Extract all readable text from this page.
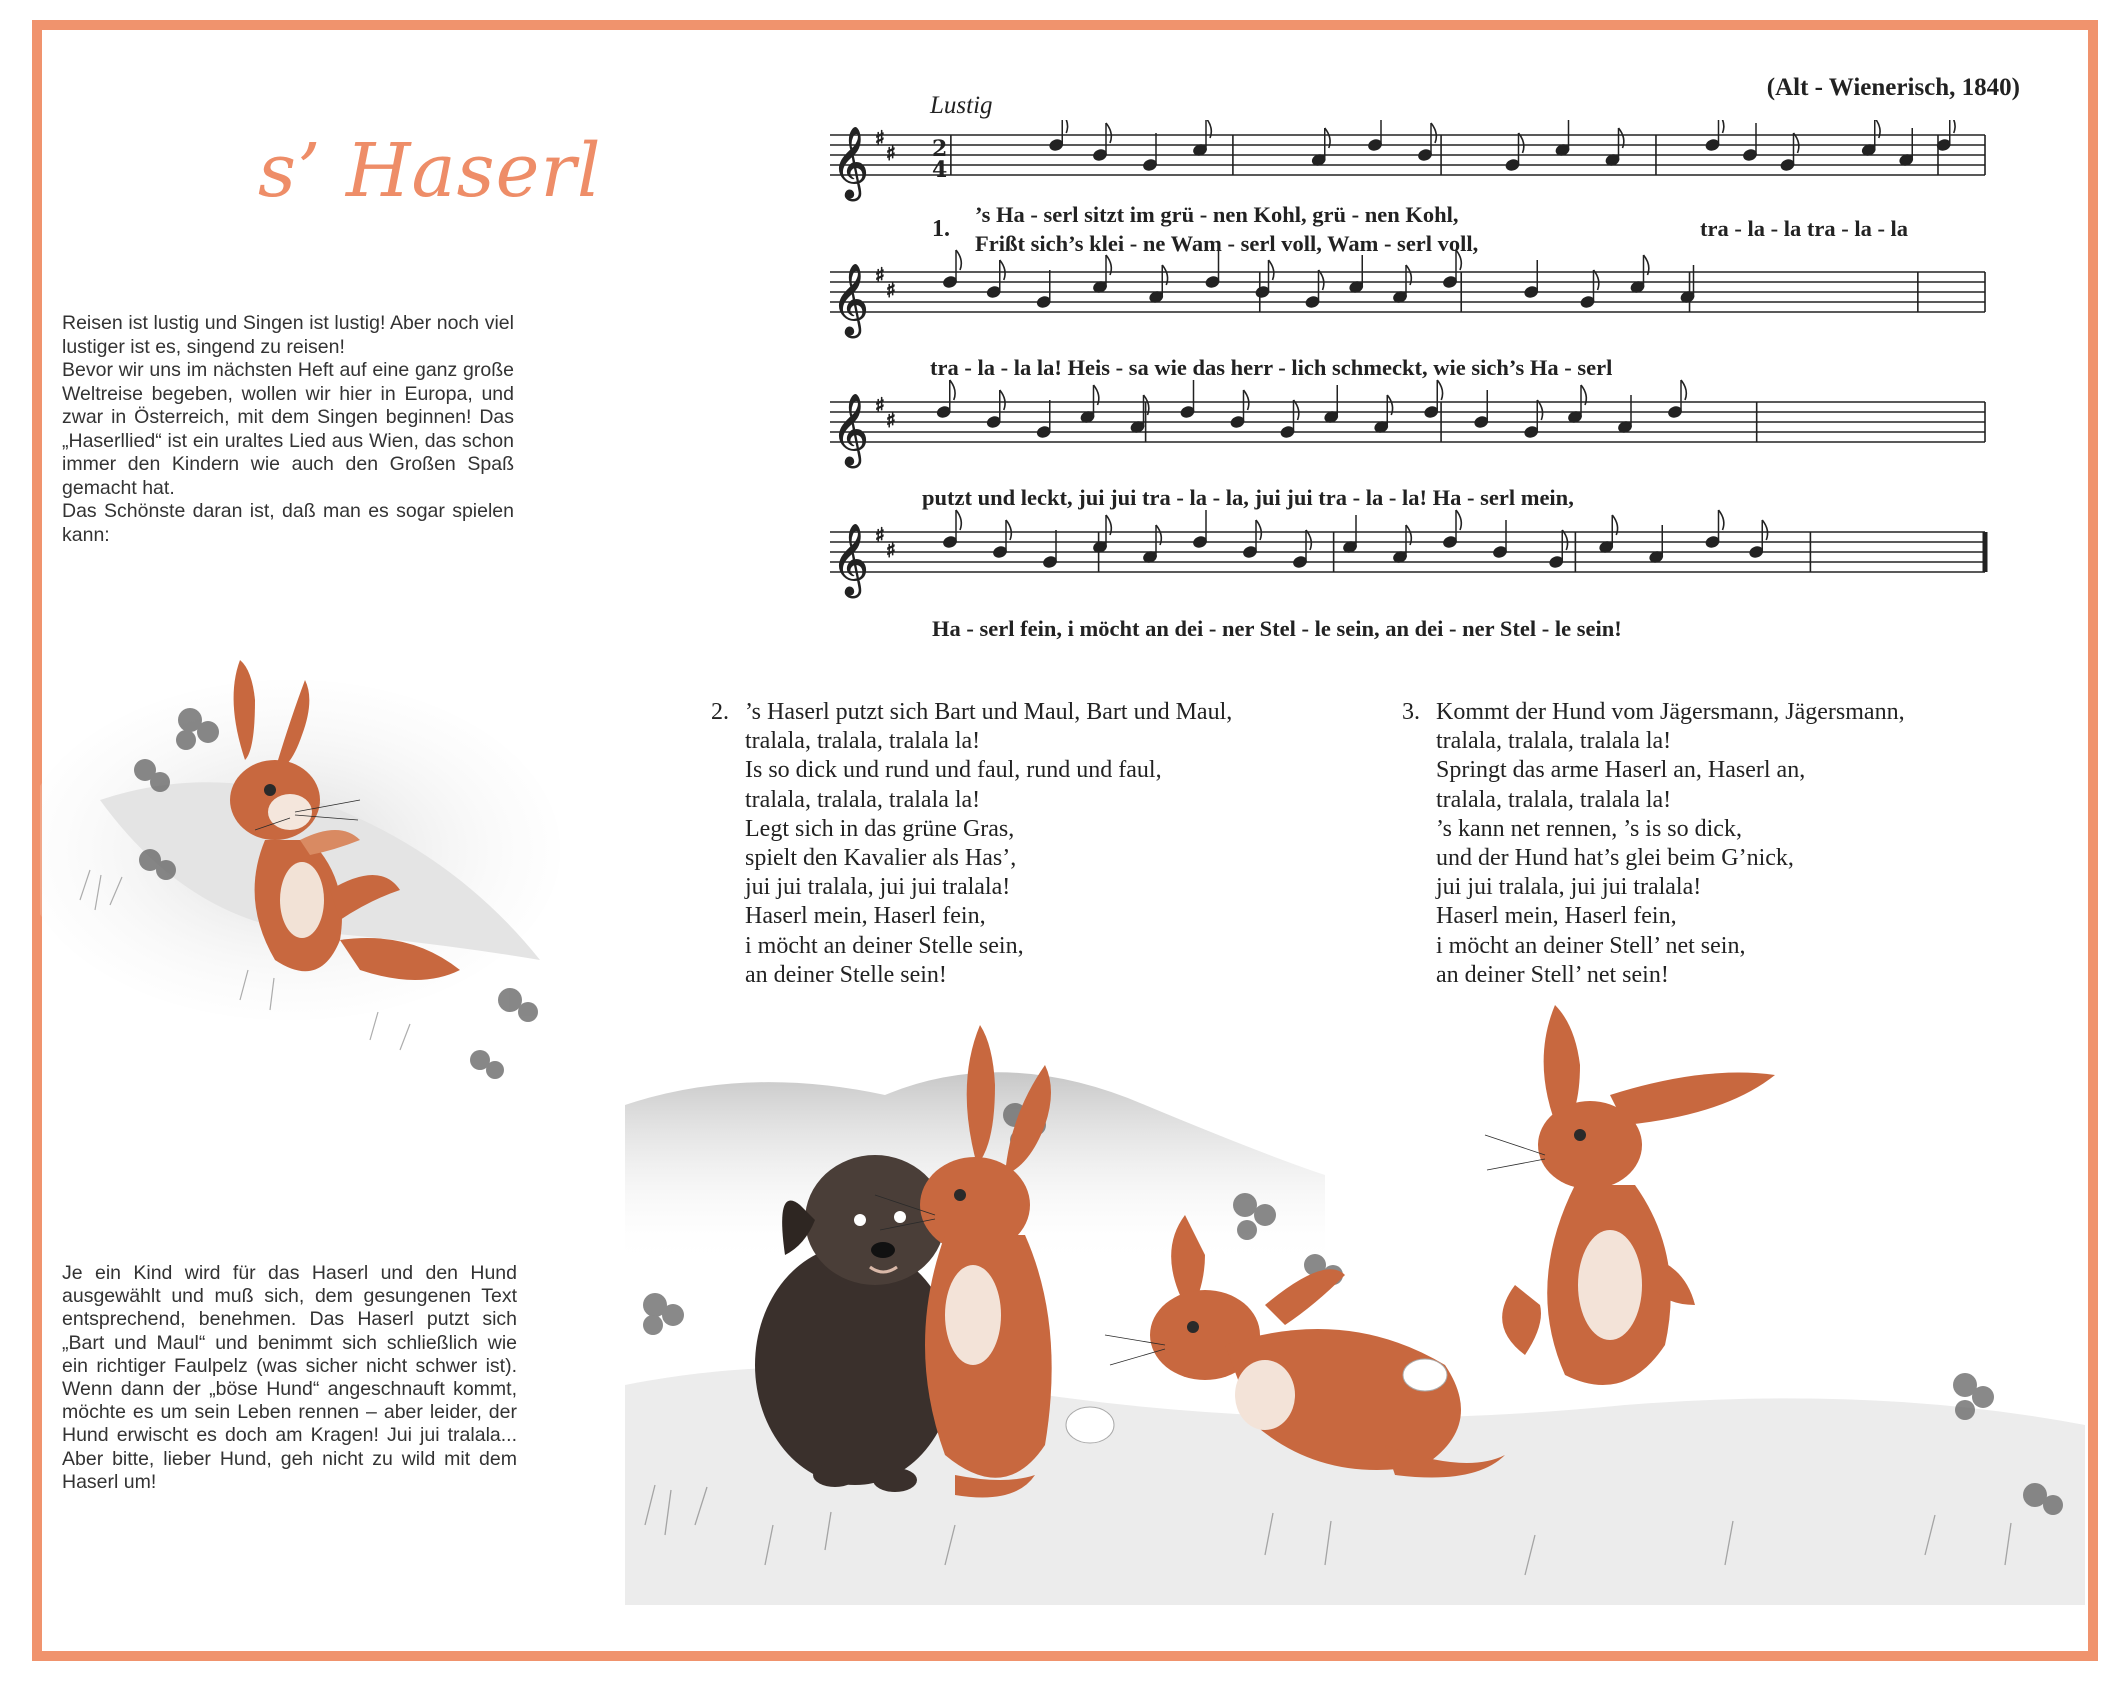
s’ Haserl

Reisen ist lustig und Singen ist lustig! Aber noch viel lustiger ist es, singend zu reisen!

Bevor wir uns im nächsten Heft auf eine ganz große Weltreise begeben, wollen wir hier in Europa, und zwar in Österreich, mit dem Singen beginnen! Das „Haserllied“ ist ein uraltes Lied aus Wien, das schon immer den Kindern wie auch den Großen Spaß gemacht hat.

Das Schönste daran ist, daß man es sogar spielen kann:

Je ein Kind wird für das Haserl und den Hund ausgewählt und muß sich, dem gesungenen Text entsprechend, benehmen. Das Haserl putzt sich „Bart und Maul“ und benimmt sich schließlich wie ein richtiger Faulpelz (was sicher nicht schwer ist). Wenn dann der „böse Hund“ angeschnauft kommt, möchte es um sein Leben rennen – aber leider, der Hund erwischt es doch am Kragen! Jui jui tralala... Aber bitte, lieber Hund, geh nicht zu wild mit dem Haserl um!

(Alt - Wienerisch, 1840)
Lustig
𝄞 ♯
♯
𝄞 ♯
♯
𝄞 ♯
♯
𝄞 ♯
♯
2
4
1.
’s Ha - serl sitzt im grü - nen Kohl, grü - nen Kohl,
Frißt sich’s klei - ne Wam - serl voll, Wam - serl voll,
tra - la - la tra - la - la
tra - la - la la! Heis - sa wie das herr - lich schmeckt, wie sich’s Ha - serl
putzt und leckt, jui jui tra - la - la, jui jui tra - la - la! Ha - serl mein,
Ha - serl fein, i möcht an dei - ner Stel - le sein, an dei - ner Stel - le sein!
2. ’s Haserl putzt sich Bart und Maul, Bart und Maul,
tralala, tralala, tralala la!
Is so dick und rund und faul, rund und faul,
tralala, tralala, tralala la!
Legt sich in das grüne Gras,
spielt den Kavalier als Has’,
jui jui tralala, jui jui tralala!
Haserl mein, Haserl fein,
i möcht an deiner Stelle sein,
an deiner Stelle sein!
3. Kommt der Hund vom Jägersmann, Jägersmann,
tralala, tralala, tralala la!
Springt das arme Haserl an, Haserl an,
tralala, tralala, tralala la!
’s kann net rennen, ’s is so dick,
und der Hund hat’s glei beim G’nick,
jui jui tralala, jui jui tralala!
Haserl mein, Haserl fein,
i möcht an deiner Stell’ net sein,
an deiner Stell’ net sein!
